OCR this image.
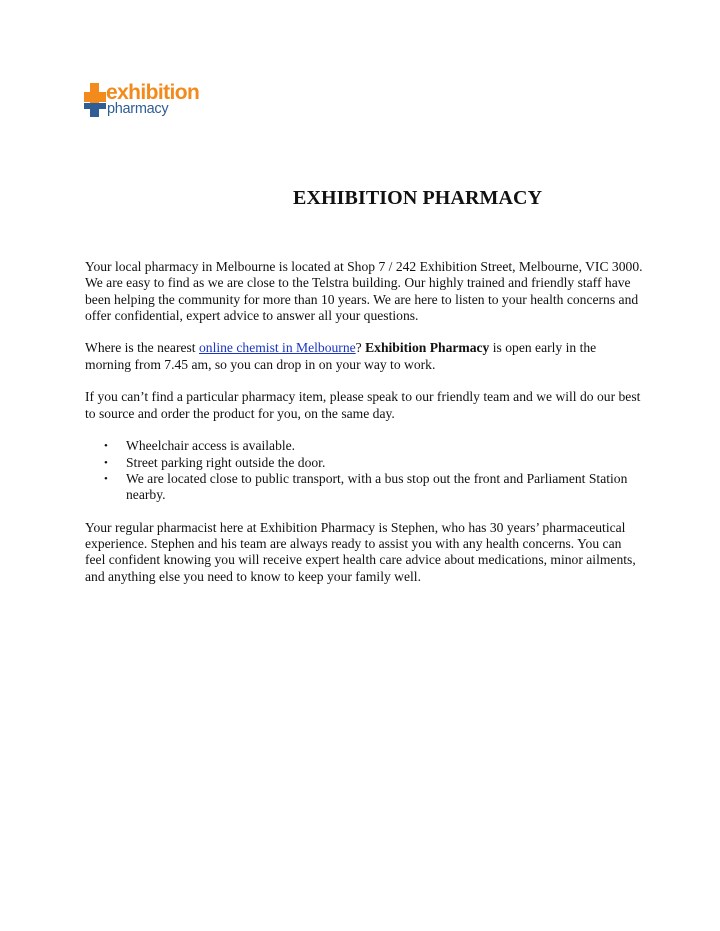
exhibition
pharmacy
EXHIBITION PHARMACY

Your local pharmacy in Melbourne is located at Shop 7 / 242 Exhibition Street, Melbourne, VIC 3000. We are easy to find as we are close to the Telstra building. Our highly trained and friendly staff have been helping the community for more than 10 years. We are here to listen to your health concerns and offer confidential, expert advice to answer all your questions.

Where is the nearest online chemist in Melbourne? Exhibition Pharmacy is open early in the morning from 7.45 am, so you can drop in on your way to work.

If you can’t find a particular pharmacy item, please speak to our friendly team and we will do our best to source and order the product for you, on the same day.

• Wheelchair access is available.
• Street parking right outside the door.
• We are located close to public transport, with a bus stop out the front and Parliament Station nearby.

Your regular pharmacist here at Exhibition Pharmacy is Stephen, who has 30 years’ pharmaceutical experience. Stephen and his team are always ready to assist you with any health concerns. You can feel confident knowing you will receive expert health care advice about medications, minor ailments, and anything else you need to know to keep your family well.
